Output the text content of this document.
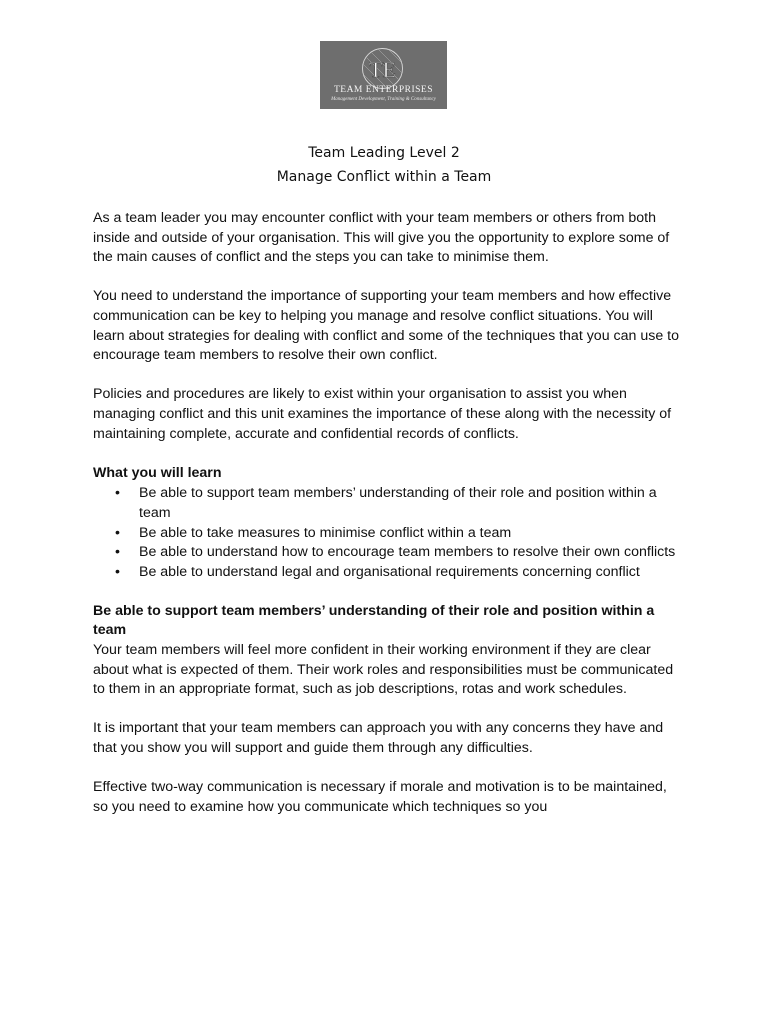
TE
TEAM ENTERPRISES
Management Development, Training & Consultancy
Team Leading Level 2
Manage Conflict within a Team

As a team leader you may encounter conflict with your team members or others from both inside and outside of your organisation. This will give you the opportunity to explore some of the main causes of conflict and the steps you can take to minimise them.

You need to understand the importance of supporting your team members and how effective communication can be key to helping you manage and resolve conflict situations. You will learn about strategies for dealing with conflict and some of the techniques that you can use to encourage team members to resolve their own conflict.

Policies and procedures are likely to exist within your organisation to assist you when managing conflict and this unit examines the importance of these along with the necessity of maintaining complete, accurate and confidential records of conflicts.

What you will learn
• Be able to support team members’ understanding of their role and position within a team
• Be able to take measures to minimise conflict within a team
• Be able to understand how to encourage team members to resolve their own conflicts
• Be able to understand legal and organisational requirements concerning conflict
Be able to support team members’ understanding of their role and position within a team

Your team members will feel more confident in their working environment if they are clear about what is expected of them. Their work roles and responsibilities must be communicated to them in an appropriate format, such as job descriptions, rotas and work schedules.

It is important that your team members can approach you with any concerns they have and that you show you will support and guide them through any difficulties.

Effective two-way communication is necessary if morale and motivation is to be maintained, so you need to examine how you communicate which techniques so you
